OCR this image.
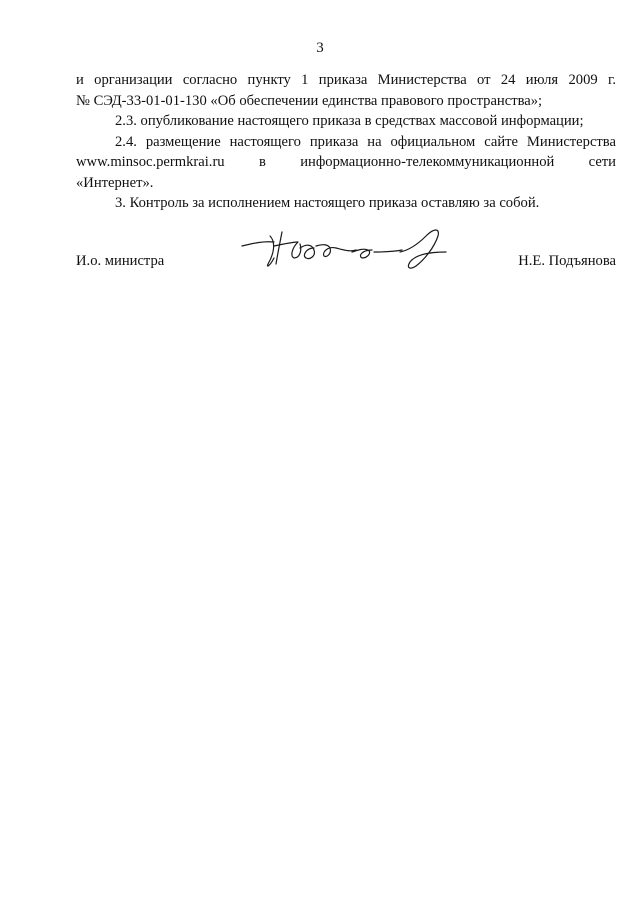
3

и организации согласно пункту 1 приказа Министерства от 24 июля 2009 г.
№ СЭД-33-01-01-130 «Об обеспечении единства правового пространства»;

2.3. опубликование настоящего приказа в средствах массовой информации;

2.4. размещение настоящего приказа на официальном сайте Министерства

www.minsoc.permkrai.ru в информационно-телекоммуникационной сети

«Интернет».

3. Контроль за исполнением настоящего приказа оставляю за собой.

И.о. министра	Н.Е. Подъянова
